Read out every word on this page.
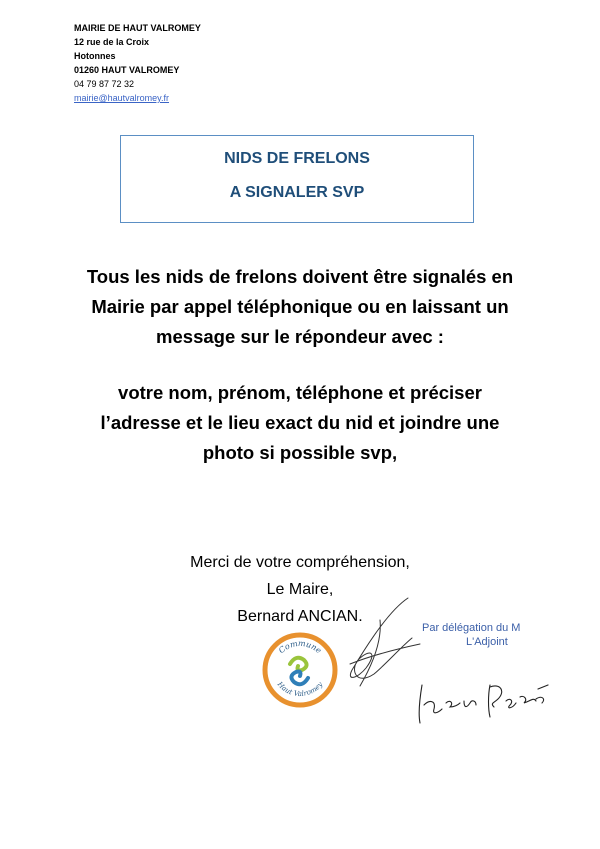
MAIRIE DE HAUT VALROMEY
12 rue de la Croix
Hotonnes
01260 HAUT VALROMEY
04 79 87 72 32
mairie@hautvalromey.fr
NIDS DE FRELONS
A SIGNALER SVP
Tous les nids de frelons doivent être signalés en
Mairie par appel téléphonique ou en laissant un
message sur le répondeur avec :
votre nom, prénom, téléphone et préciser
l’adresse et le lieu exact du nid et joindre une
photo si possible svp,
Merci de votre compréhension,
Le Maire,
Bernard ANCIAN.
Par délégation du M
L'Adjoint
Commune
Haut Valromey
